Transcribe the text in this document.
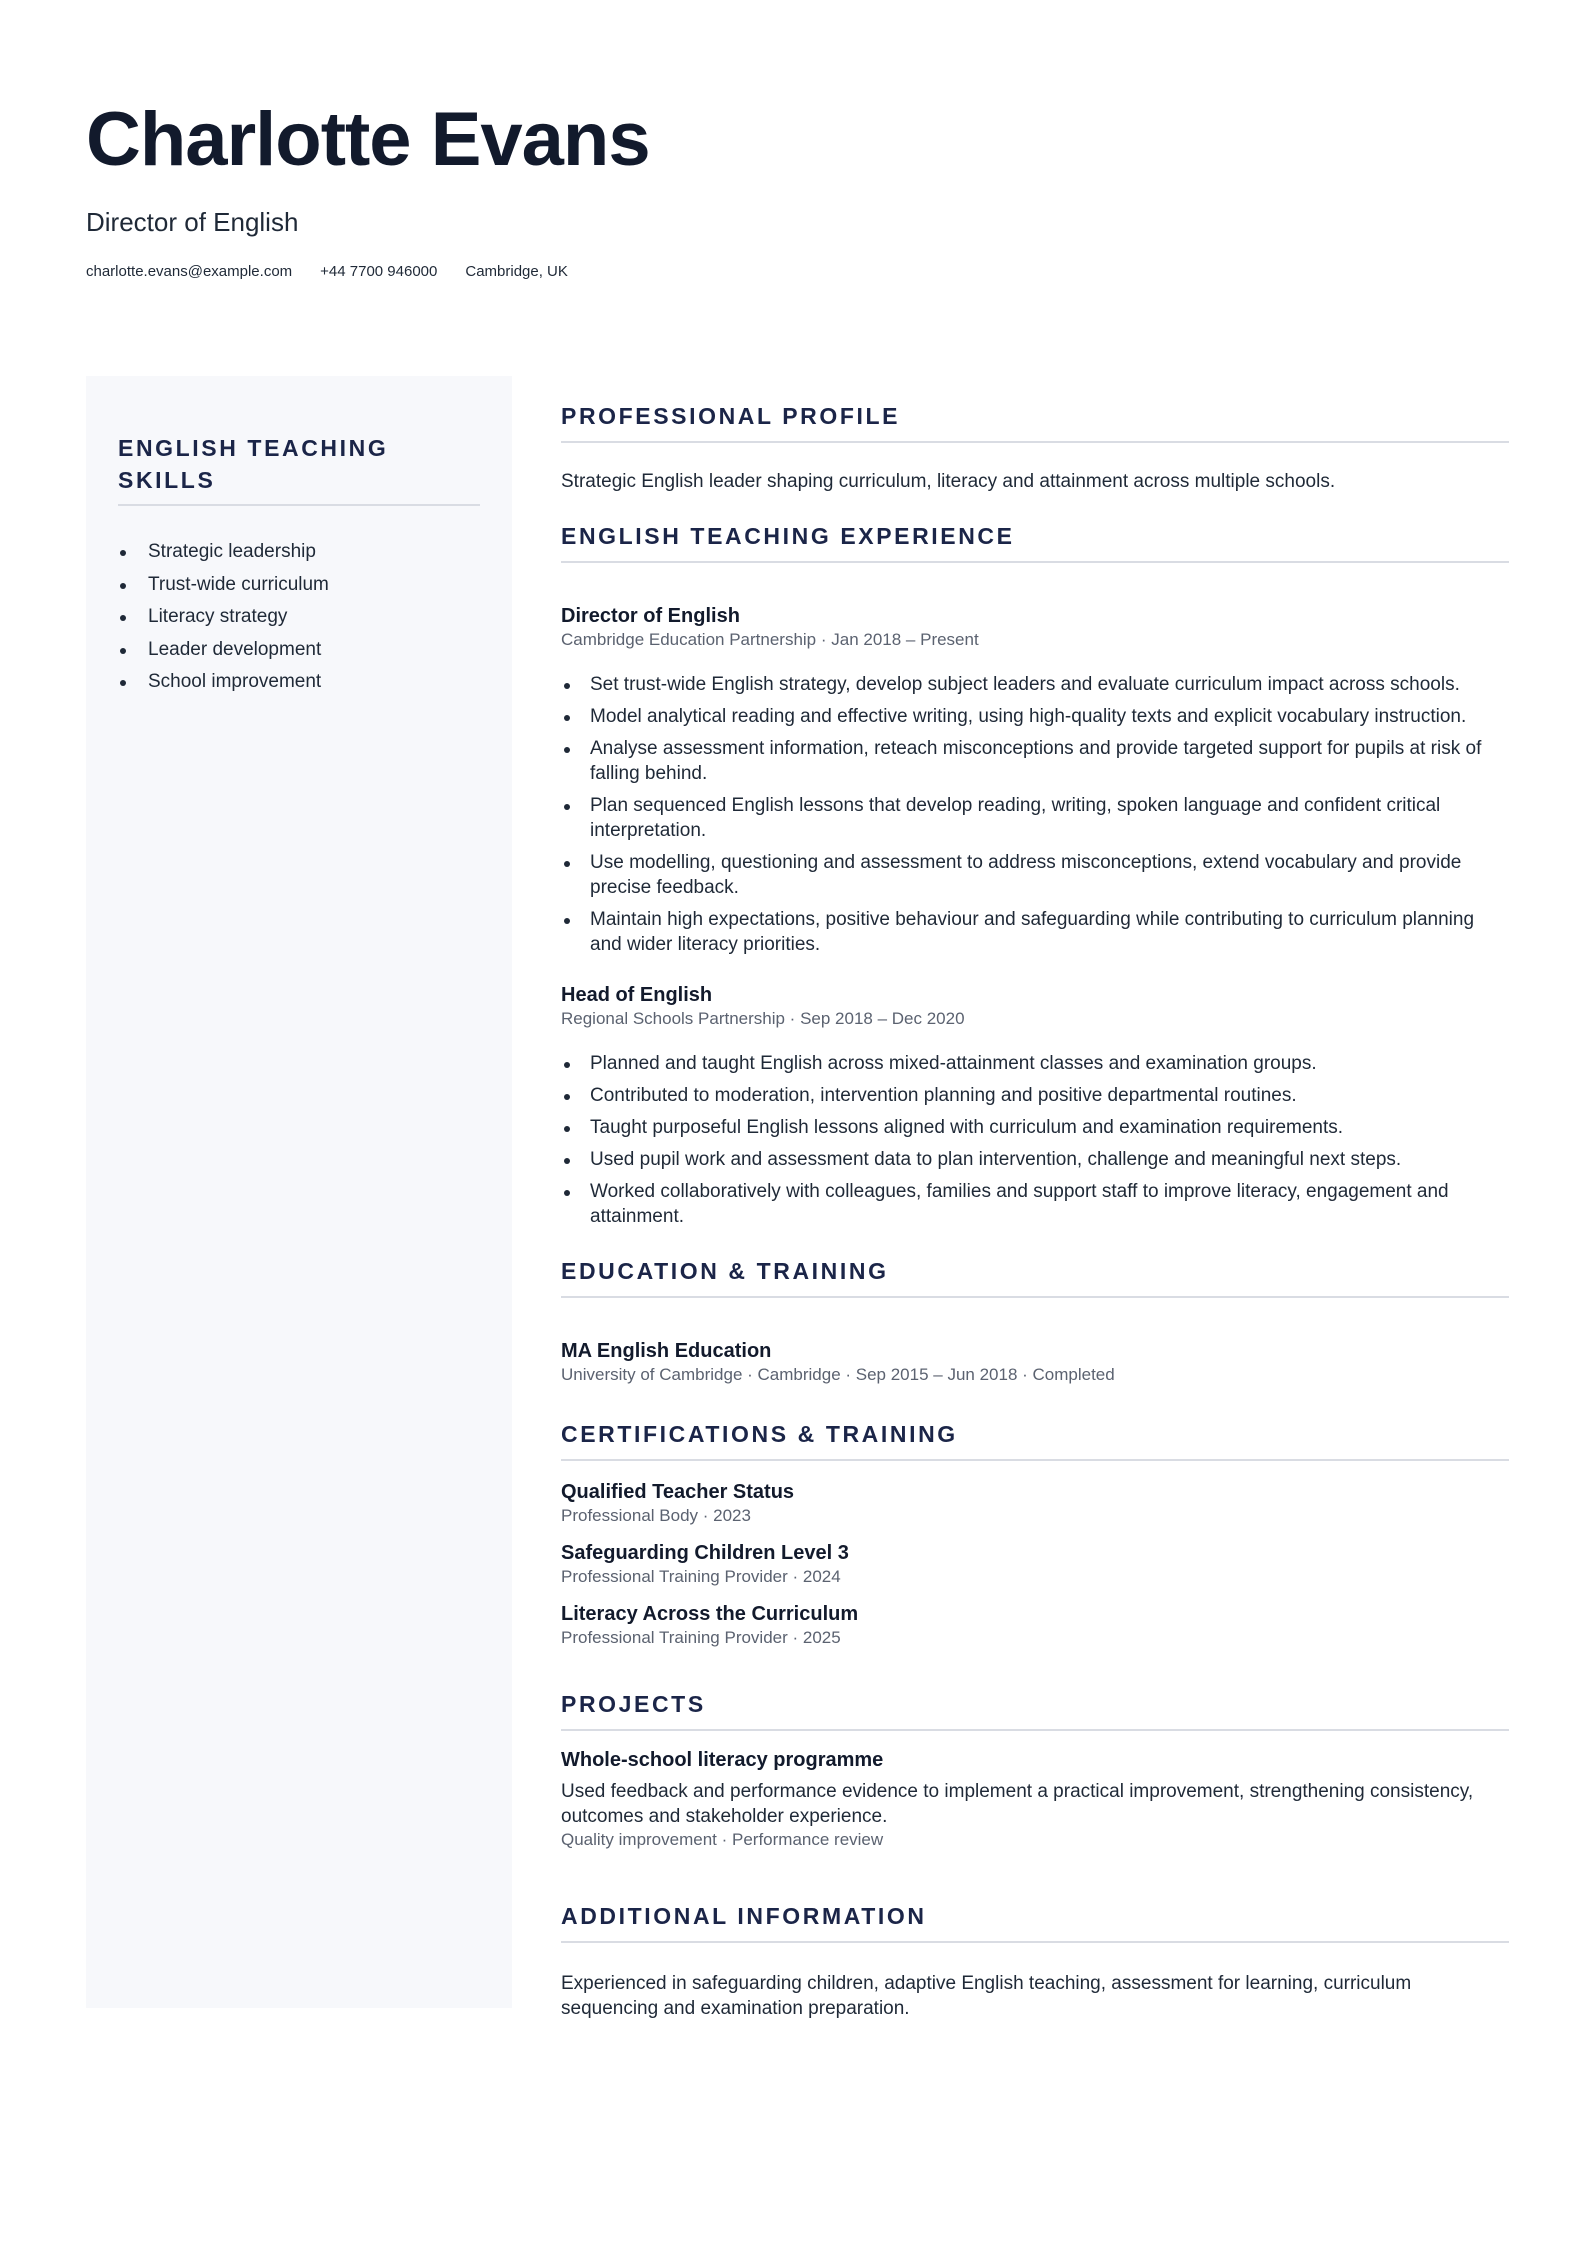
Charlotte Evans
Director of English
charlotte.evans@example.com +44 7700 946000 Cambridge, UK
ENGLISH TEACHING SKILLS
Strategic leadership
Trust-wide curriculum
Literacy strategy
Leader development
School improvement
PROFESSIONAL PROFILE
Strategic English leader shaping curriculum, literacy and attainment across multiple schools.
ENGLISH TEACHING EXPERIENCE
Director of English
Cambridge Education Partnership · Jan 2018 – Present
Set trust-wide English strategy, develop subject leaders and evaluate curriculum impact across schools.
Model analytical reading and effective writing, using high-quality texts and explicit vocabulary instruction.
Analyse assessment information, reteach misconceptions and provide targeted support for pupils at risk of falling behind.
Plan sequenced English lessons that develop reading, writing, spoken language and confident critical interpretation.
Use modelling, questioning and assessment to address misconceptions, extend vocabulary and provide precise feedback.
Maintain high expectations, positive behaviour and safeguarding while contributing to curriculum planning and wider literacy priorities.
Head of English
Regional Schools Partnership · Sep 2018 – Dec 2020
Planned and taught English across mixed-attainment classes and examination groups.
Contributed to moderation, intervention planning and positive departmental routines.
Taught purposeful English lessons aligned with curriculum and examination requirements.
Used pupil work and assessment data to plan intervention, challenge and meaningful next steps.
Worked collaboratively with colleagues, families and support staff to improve literacy, engagement and attainment.
EDUCATION & TRAINING
MA English Education
University of Cambridge · Cambridge · Sep 2015 – Jun 2018 · Completed
CERTIFICATIONS & TRAINING
Qualified Teacher Status
Professional Body · 2023
Safeguarding Children Level 3
Professional Training Provider · 2024
Literacy Across the Curriculum
Professional Training Provider · 2025
PROJECTS
Whole-school literacy programme
Used feedback and performance evidence to implement a practical improvement, strengthening consistency, outcomes and stakeholder experience.
Quality improvement · Performance review
ADDITIONAL INFORMATION
Experienced in safeguarding children, adaptive English teaching, assessment for learning, curriculum sequencing and examination preparation.
